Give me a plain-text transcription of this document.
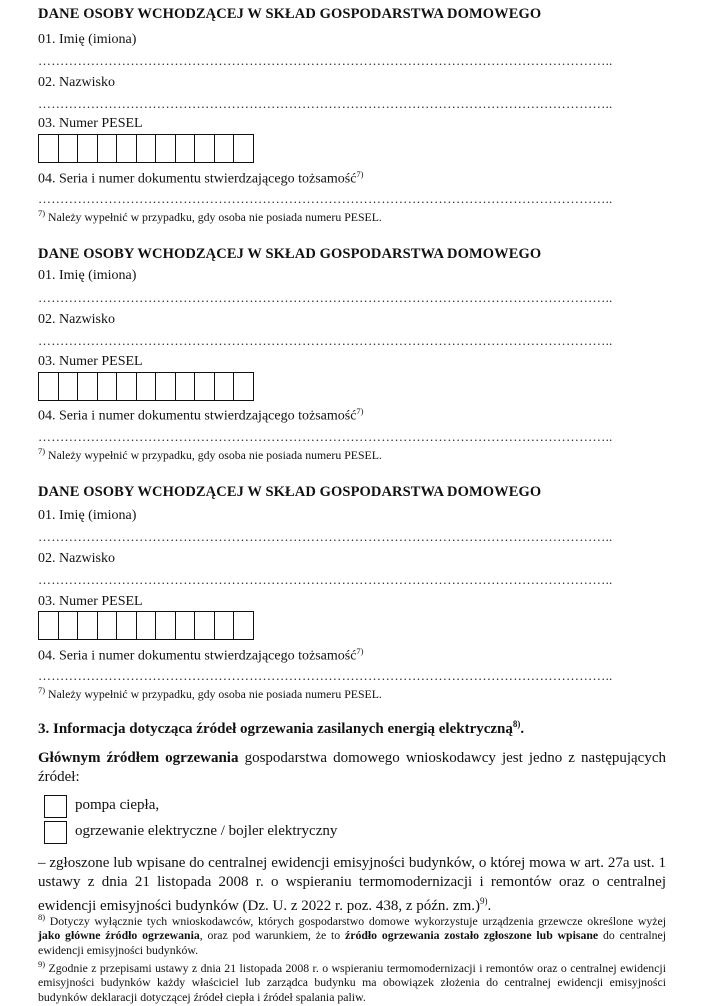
DANE OSOBY WCHODZĄCEJ W SKŁAD GOSPODARSTWA DOMOWEGO
01. Imię (imiona)
…………………………………………………………………………………………………………………..
02. Nazwisko
…………………………………………………………………………………………………………………..
03. Numer PESEL
04. Seria i numer dokumentu stwierdzającego tożsamość$^{7)}$
…………………………………………………………………………………………………………………..
$^{7)}$ Należy wypełnić w przypadku, gdy osoba nie posiada numeru PESEL.
DANE OSOBY WCHODZĄCEJ W SKŁAD GOSPODARSTWA DOMOWEGO
01. Imię (imiona)
…………………………………………………………………………………………………………………..
02. Nazwisko
…………………………………………………………………………………………………………………..
03. Numer PESEL
04. Seria i numer dokumentu stwierdzającego tożsamość$^{7)}$
…………………………………………………………………………………………………………………..
$^{7)}$ Należy wypełnić w przypadku, gdy osoba nie posiada numeru PESEL.
DANE OSOBY WCHODZĄCEJ W SKŁAD GOSPODARSTWA DOMOWEGO
01. Imię (imiona)
…………………………………………………………………………………………………………………..
02. Nazwisko
…………………………………………………………………………………………………………………..
03. Numer PESEL
04. Seria i numer dokumentu stwierdzającego tożsamość$^{7)}$
…………………………………………………………………………………………………………………..
$^{7)}$ Należy wypełnić w przypadku, gdy osoba nie posiada numeru PESEL.
3. Informacja dotycząca źródeł ogrzewania zasilanych energią elektryczną$^{8)}$.
Głównym źródłem ogrzewania gospodarstwa domowego wnioskodawcy jest jedno z następujących źródeł:
pompa ciepła,
ogrzewanie elektryczne / bojler elektryczny
– zgłoszone lub wpisane do centralnej ewidencji emisyjności budynków, o której mowa w art. 27a ust. 1 ustawy z dnia 21 listopada 2008 r. o wspieraniu termomodernizacji i remontów oraz o centralnej ewidencji emisyjności budynków (Dz. U. z 2022 r. poz. 438, z późn. zm.)$^{9)}$.
$^{8)}$ Dotyczy wyłącznie tych wnioskodawców, których gospodarstwo domowe wykorzystuje urządzenia grzewcze określone wyżej jako główne źródło ogrzewania, oraz pod warunkiem, że to źródło ogrzewania zostało zgłoszone lub wpisane do centralnej ewidencji emisyjności budynków.
$^{9)}$ Zgodnie z przepisami ustawy z dnia 21 listopada 2008 r. o wspieraniu termomodernizacji i remontów oraz o centralnej ewidencji emisyjności budynków każdy właściciel lub zarządca budynku ma obowiązek złożenia do centralnej ewidencji emisyjności budynków deklaracji dotyczącej źródeł ciepła i źródeł spalania paliw.
